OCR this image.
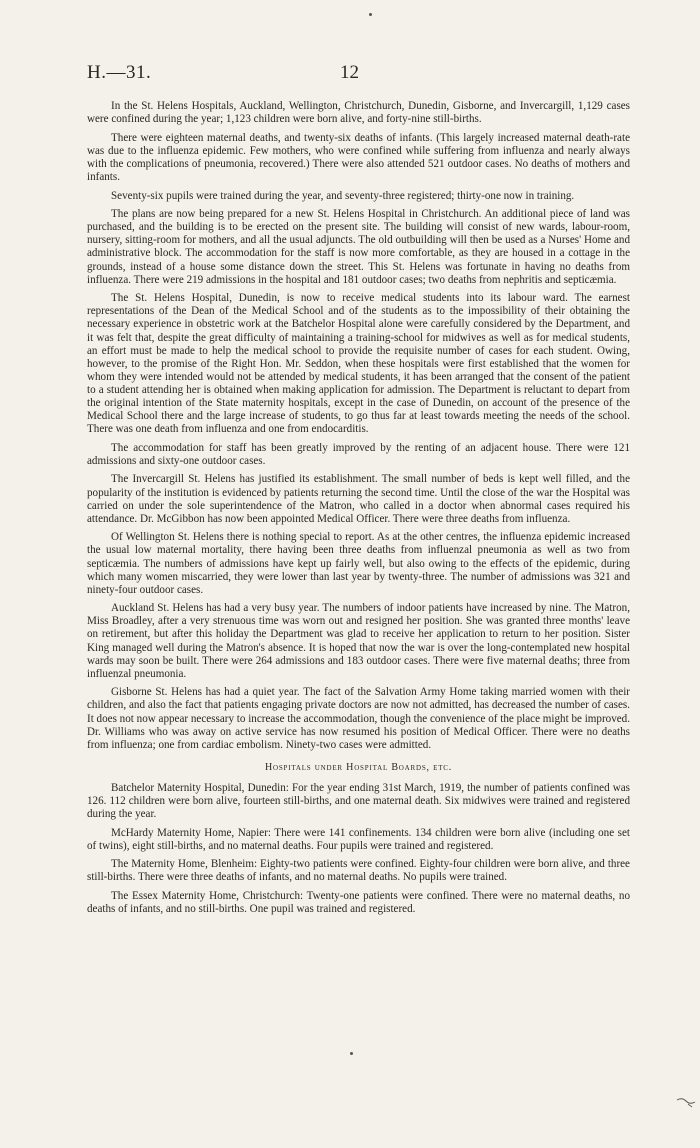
H.—31.	12

In the St. Helens Hospitals, Auckland, Wellington, Christchurch, Dunedin, Gisborne, and Invercargill, 1,129 cases were confined during the year; 1,123 children were born alive, and forty-nine still-births.

There were eighteen maternal deaths, and twenty-six deaths of infants. (This largely increased maternal death-rate was due to the influenza epidemic. Few mothers, who were confined while suffering from influenza and nearly always with the complications of pneumonia, recovered.) There were also attended 521 outdoor cases. No deaths of mothers and infants.

Seventy-six pupils were trained during the year, and seventy-three registered; thirty-one now in training.

The plans are now being prepared for a new St. Helens Hospital in Christchurch. An additional piece of land was purchased, and the building is to be erected on the present site. The building will consist of new wards, labour-room, nursery, sitting-room for mothers, and all the usual adjuncts. The old outbuilding will then be used as a Nurses' Home and administrative block. The accommodation for the staff is now more comfortable, as they are housed in a cottage in the grounds, instead of a house some distance down the street. This St. Helens was fortunate in having no deaths from influenza. There were 219 admissions in the hospital and 181 outdoor cases; two deaths from nephritis and septicæmia.

The St. Helens Hospital, Dunedin, is now to receive medical students into its labour ward. The earnest representations of the Dean of the Medical School and of the students as to the impossibility of their obtaining the necessary experience in obstetric work at the Batchelor Hospital alone were carefully considered by the Department, and it was felt that, despite the great difficulty of maintaining a training-school for midwives as well as for medical students, an effort must be made to help the medical school to provide the requisite number of cases for each student. Owing, however, to the promise of the Right Hon. Mr. Seddon, when these hospitals were first established that the women for whom they were intended would not be attended by medical students, it has been arranged that the consent of the patient to a student attending her is obtained when making application for admission. The Department is reluctant to depart from the original intention of the State maternity hospitals, except in the case of Dunedin, on account of the presence of the Medical School there and the large increase of students, to go thus far at least towards meeting the needs of the school. There was one death from influenza and one from endocarditis.

The accommodation for staff has been greatly improved by the renting of an adjacent house. There were 121 admissions and sixty-one outdoor cases.

The Invercargill St. Helens has justified its establishment. The small number of beds is kept well filled, and the popularity of the institution is evidenced by patients returning the second time. Until the close of the war the Hospital was carried on under the sole superintendence of the Matron, who called in a doctor when abnormal cases required his attendance. Dr. McGibbon has now been appointed Medical Officer. There were three deaths from influenza.

Of Wellington St. Helens there is nothing special to report. As at the other centres, the influenza epidemic increased the usual low maternal mortality, there having been three deaths from influenzal pneumonia as well as two from septicæmia. The numbers of admissions have kept up fairly well, but also owing to the effects of the epidemic, during which many women miscarried, they were lower than last year by twenty-three. The number of admissions was 321 and ninety-four outdoor cases.

Auckland St. Helens has had a very busy year. The numbers of indoor patients have increased by nine. The Matron, Miss Broadley, after a very strenuous time was worn out and resigned her position. She was granted three months' leave on retirement, but after this holiday the Department was glad to receive her application to return to her position. Sister King managed well during the Matron's absence. It is hoped that now the war is over the long-contemplated new hospital wards may soon be built. There were 264 admissions and 183 outdoor cases. There were five maternal deaths; three from influenzal pneumonia.

Gisborne St. Helens has had a quiet year. The fact of the Salvation Army Home taking married women with their children, and also the fact that patients engaging private doctors are now not admitted, has decreased the number of cases. It does not now appear necessary to increase the accommodation, though the convenience of the place might be improved. Dr. Williams who was away on active service has now resumed his position of Medical Officer. There were no deaths from influenza; one from cardiac embolism. Ninety-two cases were admitted.

Hospitals under Hospital Boards, etc.

Batchelor Maternity Hospital, Dunedin: For the year ending 31st March, 1919, the number of patients confined was 126. 112 children were born alive, fourteen still-births, and one maternal death. Six midwives were trained and registered during the year.

McHardy Maternity Home, Napier: There were 141 confinements. 134 children were born alive (including one set of twins), eight still-births, and no maternal deaths. Four pupils were trained and registered.

The Maternity Home, Blenheim: Eighty-two patients were confined. Eighty-four children were born alive, and three still-births. There were three deaths of infants, and no maternal deaths. No pupils were trained.

The Essex Maternity Home, Christchurch: Twenty-one patients were confined. There were no maternal deaths, no deaths of infants, and no still-births. One pupil was trained and registered.
